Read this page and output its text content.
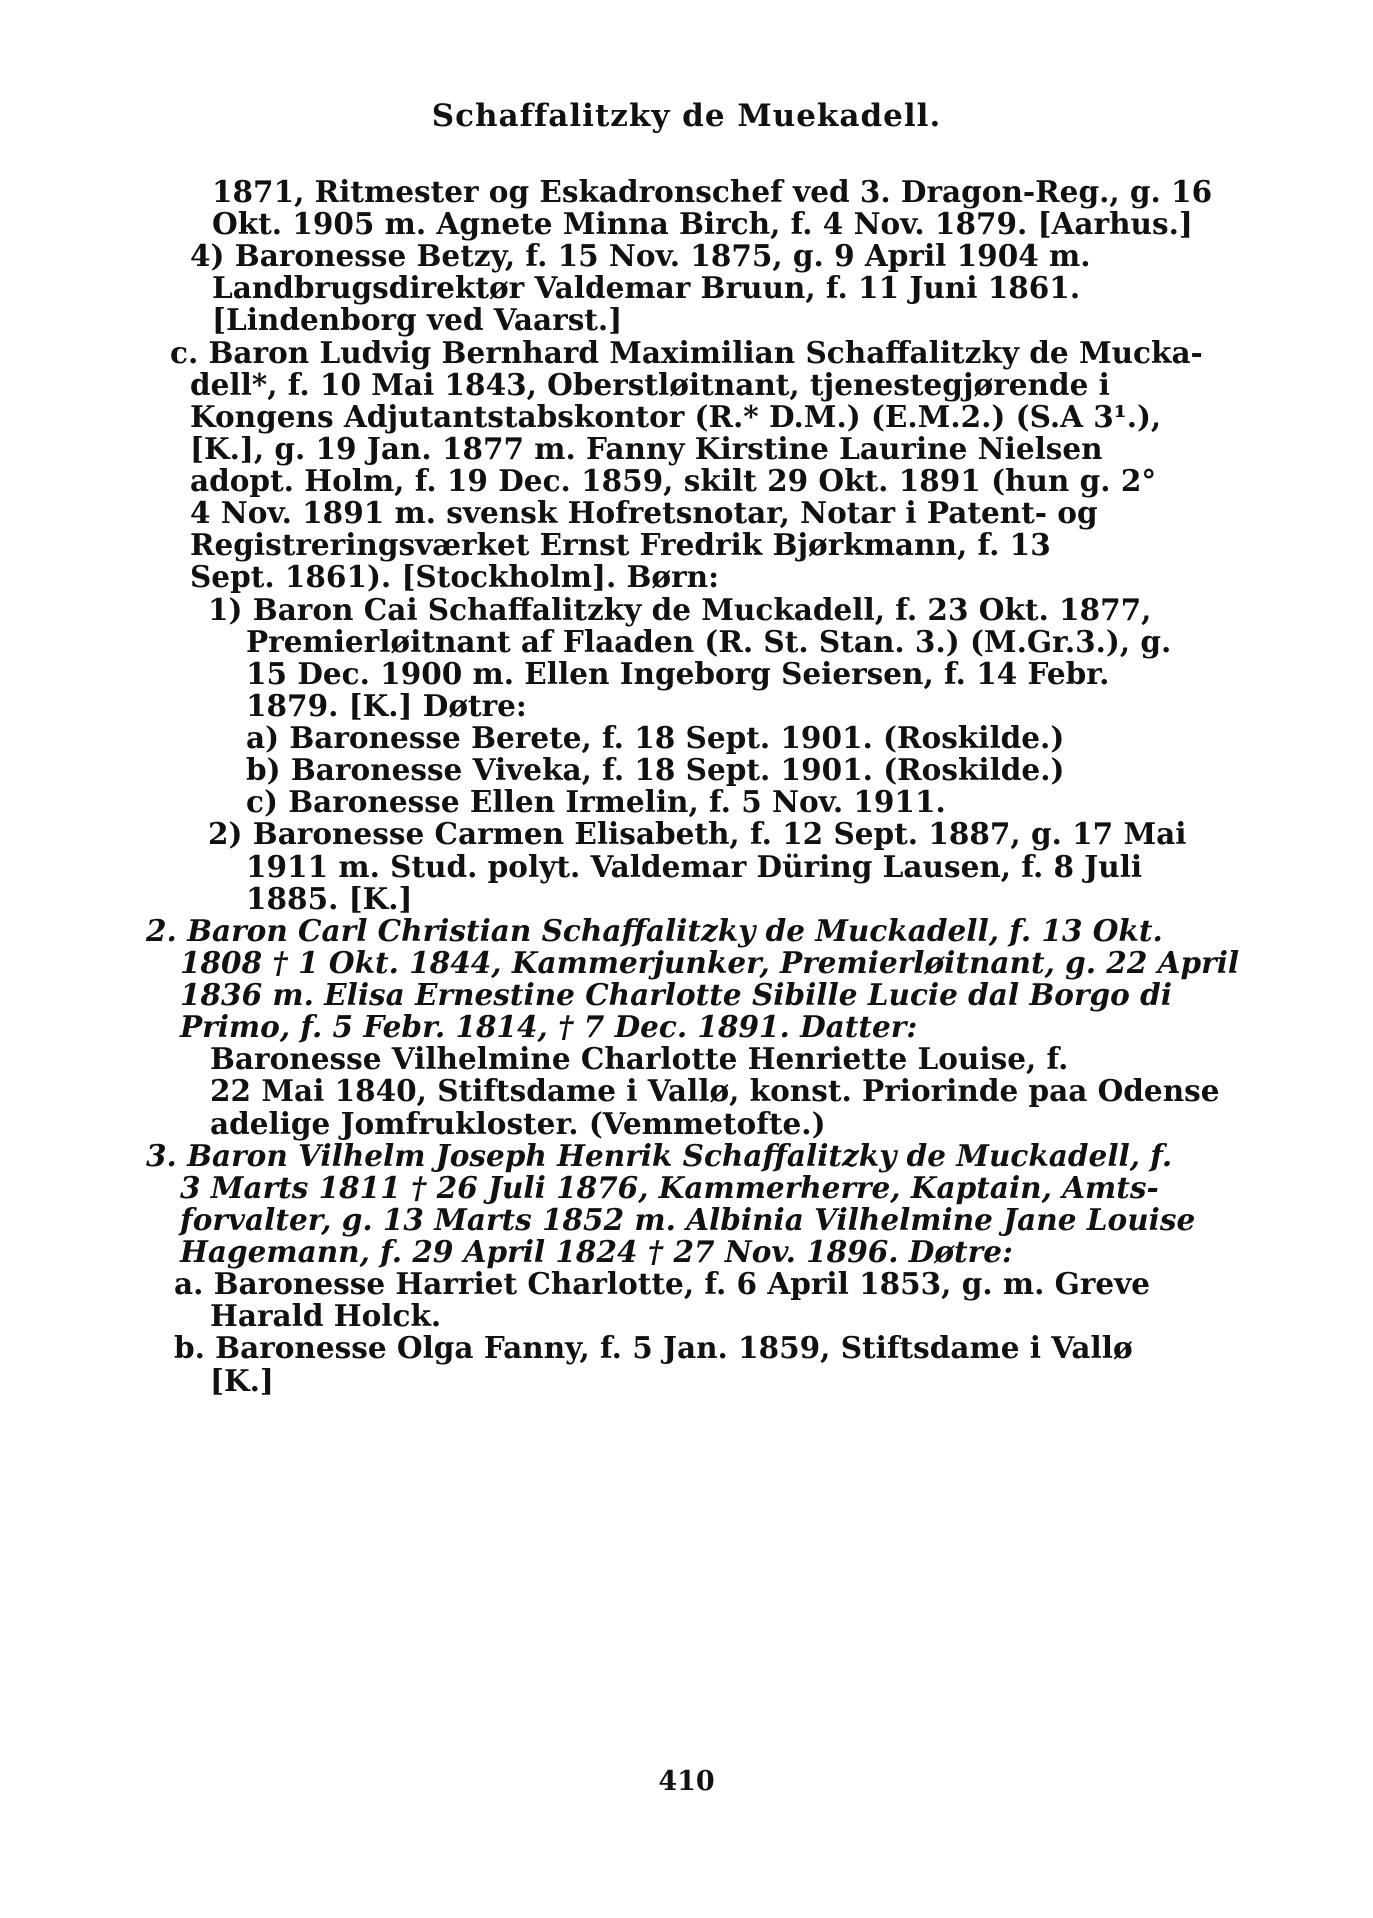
Schaffalitzky de Muekadell.
1871, Ritmester og Eskadronschef ved 3. Dragon-Reg., g. 16
Okt. 1905 m. Agnete Minna Birch, f. 4 Nov. 1879. [Aarhus.]
4) Baronesse Betzy, f. 15 Nov. 1875, g. 9 April 1904 m.
Landbrugsdirektør Valdemar Bruun, f. 11 Juni 1861.
[Lindenborg ved Vaarst.]
c. Baron Ludvig Bernhard Maximilian Schaffalitzky de Mucka-
dell*, f. 10 Mai 1843, Oberstløitnant, tjenestegjørende i
Kongens Adjutantstabskontor (R.* D.M.) (E.M.2.) (S.A 3¹.),
[K.], g. 19 Jan. 1877 m. Fanny Kirstine Laurine Nielsen
adopt. Holm, f. 19 Dec. 1859, skilt 29 Okt. 1891 (hun g. 2°
4 Nov. 1891 m. svensk Hofretsnotar, Notar i Patent- og
Registreringsværket Ernst Fredrik Bjørkmann, f. 13
Sept. 1861). [Stockholm]. Børn:
1) Baron Cai Schaffalitzky de Muckadell, f. 23 Okt. 1877,
Premierløitnant af Flaaden (R. St. Stan. 3.) (M.Gr.3.), g.
15 Dec. 1900 m. Ellen Ingeborg Seiersen, f. 14 Febr.
1879. [K.] Døtre:
a) Baronesse Berete, f. 18 Sept. 1901. (Roskilde.)
b) Baronesse Viveka, f. 18 Sept. 1901. (Roskilde.)
c) Baronesse Ellen Irmelin, f. 5 Nov. 1911.
2) Baronesse Carmen Elisabeth, f. 12 Sept. 1887, g. 17 Mai
1911 m. Stud. polyt. Valdemar Düring Lausen, f. 8 Juli
1885. [K.]
2. Baron Carl Christian Schaffalitzky de Muckadell, f. 13 Okt.
1808 † 1 Okt. 1844, Kammerjunker, Premierløitnant, g. 22 April
1836 m. Elisa Ernestine Charlotte Sibille Lucie dal Borgo di
Primo, f. 5 Febr. 1814, † 7 Dec. 1891. Datter:
Baronesse Vilhelmine Charlotte Henriette Louise, f.
22 Mai 1840, Stiftsdame i Vallø, konst. Priorinde paa Odense
adelige Jomfrukloster. (Vemmetofte.)
3. Baron Vilhelm Joseph Henrik Schaffalitzky de Muckadell, f.
3 Marts 1811 † 26 Juli 1876, Kammerherre, Kaptain, Amts-
forvalter, g. 13 Marts 1852 m. Albinia Vilhelmine Jane Louise
Hagemann, f. 29 April 1824 † 27 Nov. 1896. Døtre:
a. Baronesse Harriet Charlotte, f. 6 April 1853, g. m. Greve
Harald Holck.
b. Baronesse Olga Fanny, f. 5 Jan. 1859, Stiftsdame i Vallø
[K.]
410
